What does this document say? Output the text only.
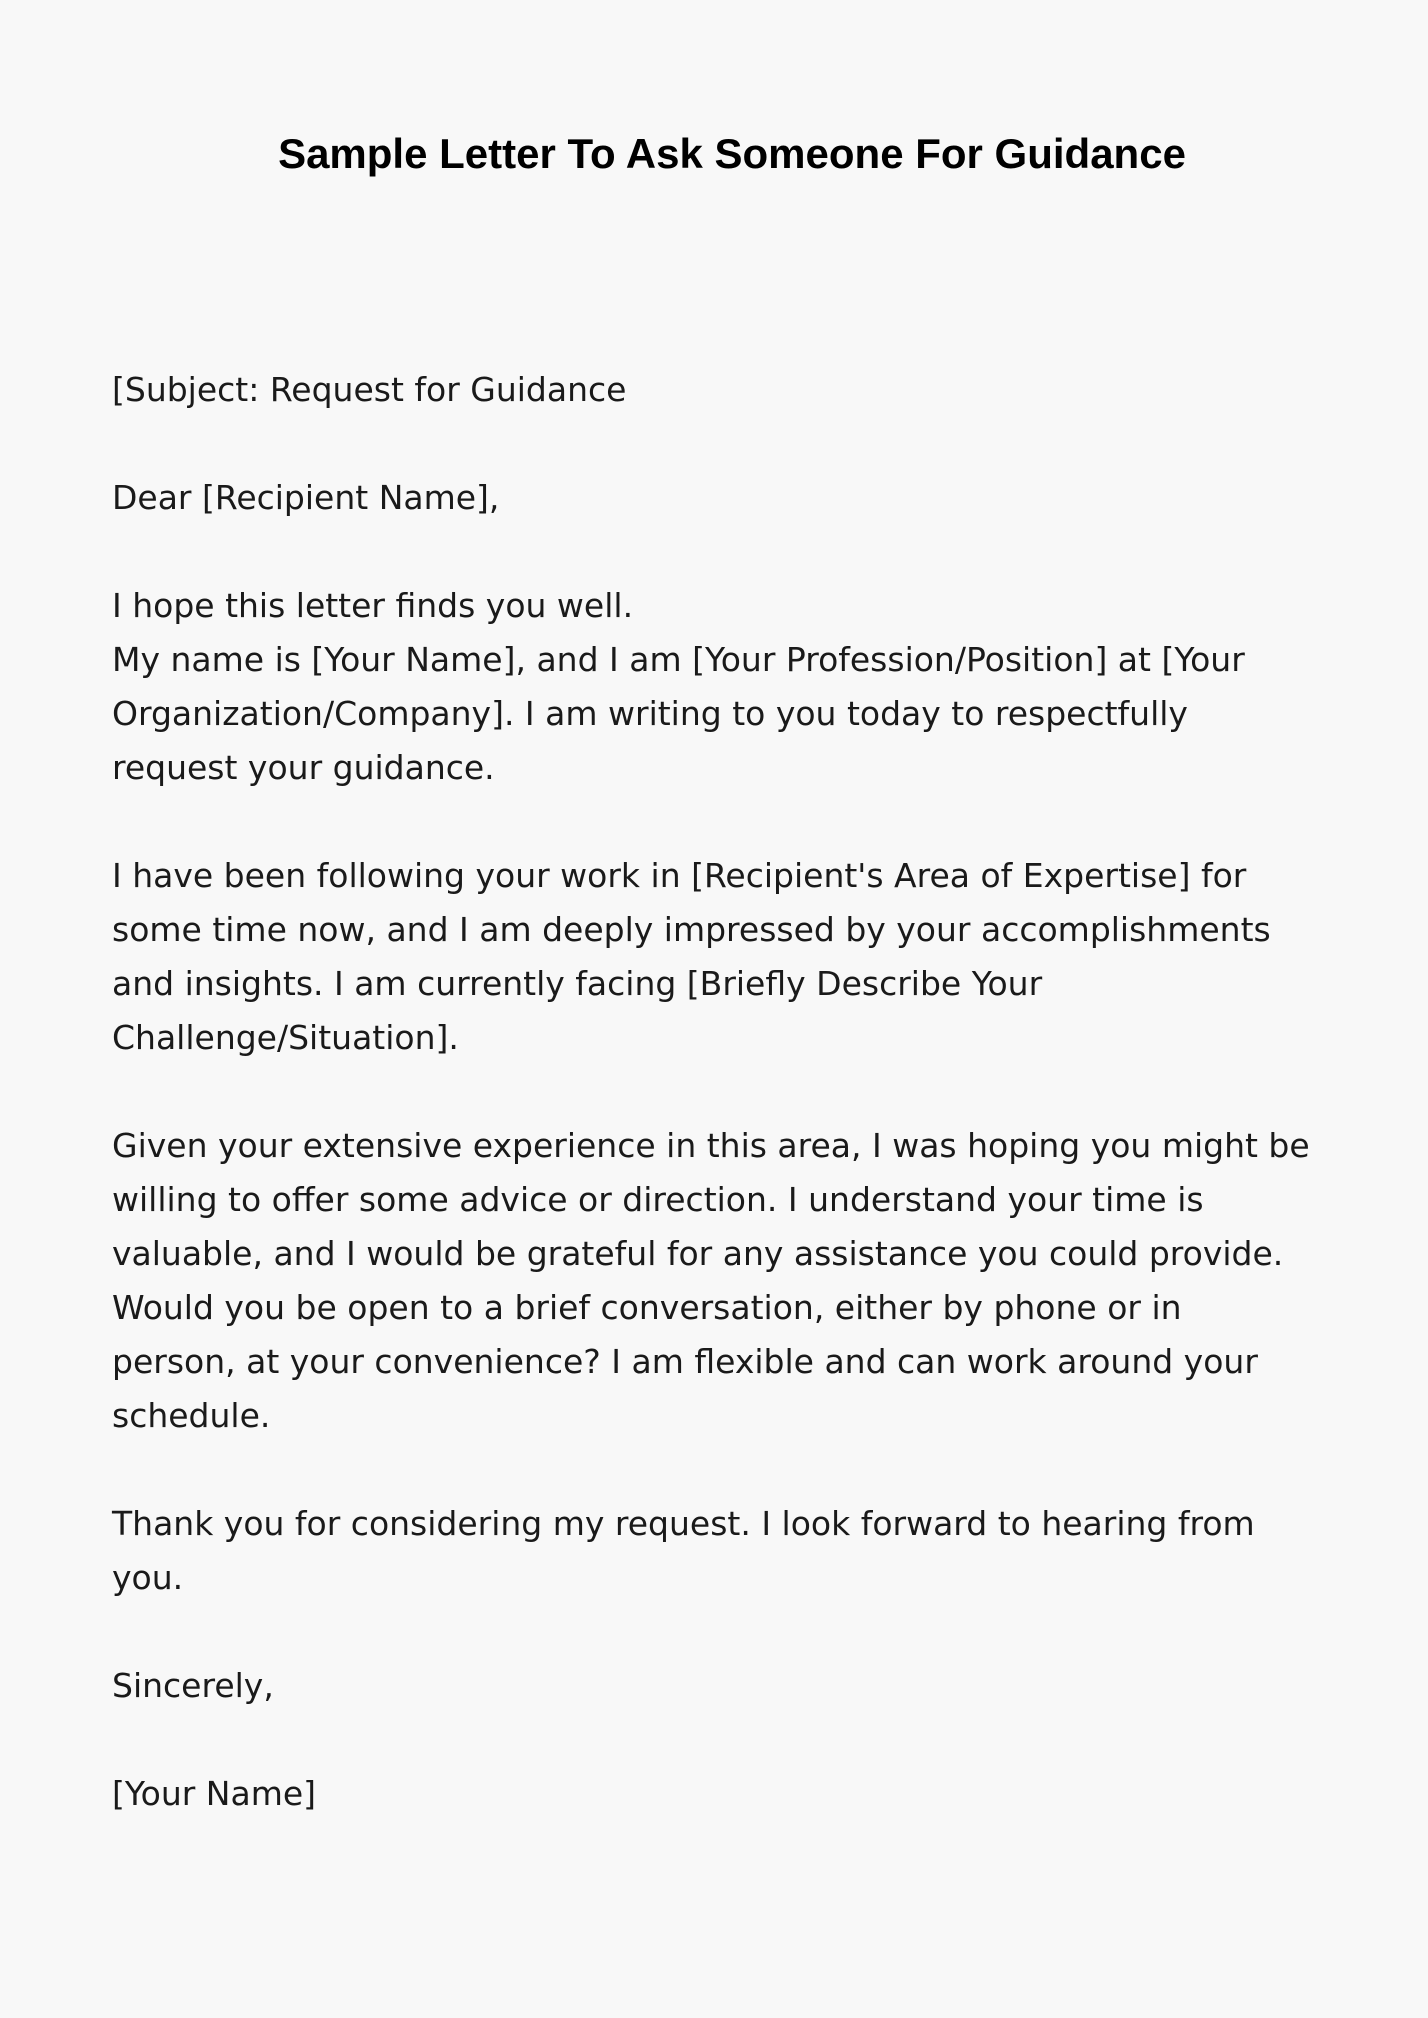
Sample Letter To Ask Someone For Guidance

[Subject: Request for Guidance

Dear [Recipient Name],

I hope this letter finds you well.
My name is [Your Name], and I am [Your Profession/Position] at [Your
Organization/Company]. I am writing to you today to respectfully
request your guidance.

I have been following your work in [Recipient's Area of Expertise] for
some time now, and I am deeply impressed by your accomplishments
and insights. I am currently facing [Briefly Describe Your
Challenge/Situation].

Given your extensive experience in this area, I was hoping you might be
willing to offer some advice or direction. I understand your time is
valuable, and I would be grateful for any assistance you could provide.
Would you be open to a brief conversation, either by phone or in
person, at your convenience? I am flexible and can work around your
schedule.

Thank you for considering my request. I look forward to hearing from
you.

Sincerely,

[Your Name]
